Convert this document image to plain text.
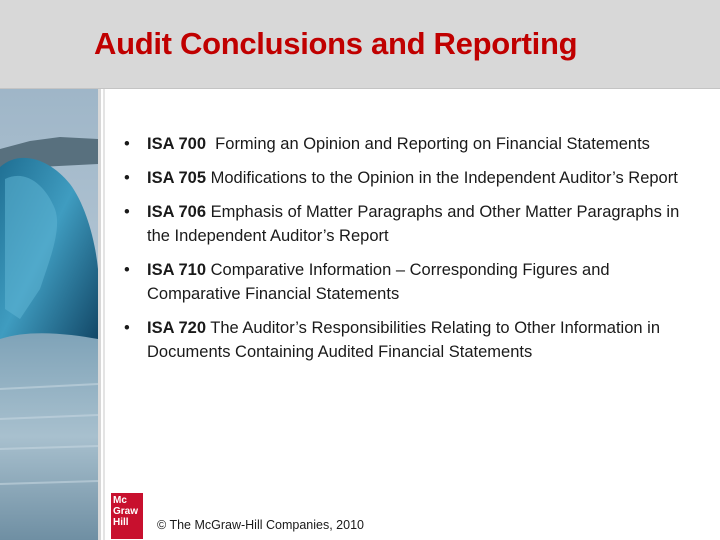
Audit Conclusions and Reporting
• ISA 700  Forming an Opinion and Reporting on Financial Statements
• ISA 705 Modifications to the Opinion in the Independent Auditor’s Report
• ISA 706 Emphasis of Matter Paragraphs and Other Matter Paragraphs in the Independent Auditor’s Report
• ISA 710 Comparative Information – Corresponding Figures and Comparative Financial Statements
• ISA 720 The Auditor’s Responsibilities Relating to Other Information in Documents Containing Audited Financial Statements
Mc
Graw
Hill	© The McGraw-Hill Companies, 2010
